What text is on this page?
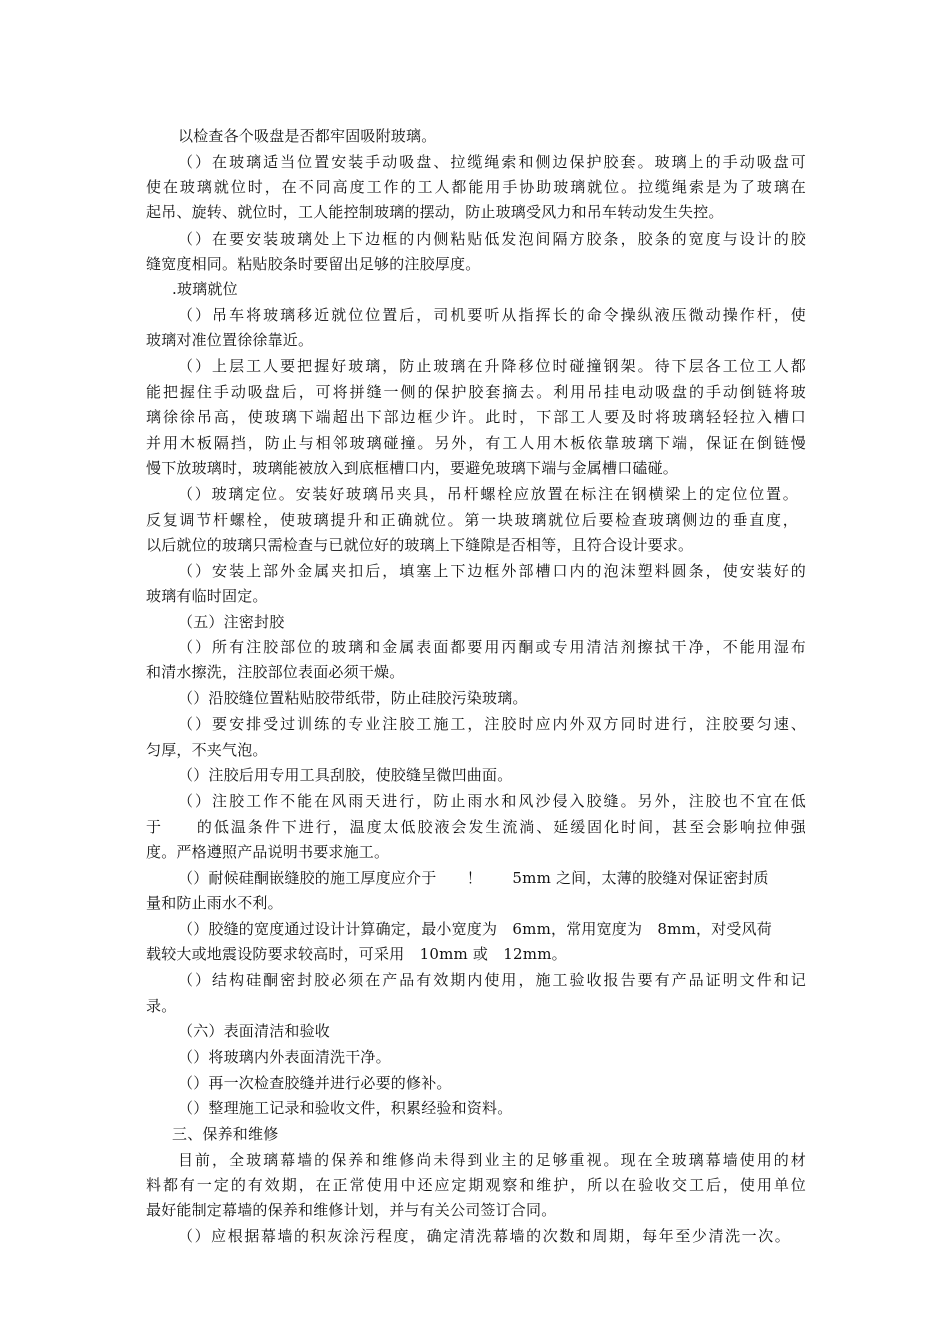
以检查各个吸盘是否都牢固吸附玻璃。
（）在玻璃适当位置安装手动吸盘、拉缆绳索和侧边保护胶套。玻璃上的手动吸盘可
使在玻璃就位时，在不同高度工作的工人都能用手协助玻璃就位。拉缆绳索是为了玻璃在
起吊、旋转、就位时，工人能控制玻璃的摆动，防止玻璃受风力和吊车转动发生失控。
（）在要安装玻璃处上下边框的内侧粘贴低发泡间隔方胶条，胶条的宽度与设计的胶
缝宽度相同。粘贴胶条时要留出足够的注胶厚度。
.玻璃就位
（）吊车将玻璃移近就位位置后，司机要听从指挥长的命令操纵液压微动操作杆，使
玻璃对准位置徐徐靠近。
（）上层工人要把握好玻璃，防止玻璃在升降移位时碰撞钢架。待下层各工位工人都
能把握住手动吸盘后，可将拼缝一侧的保护胶套摘去。利用吊挂电动吸盘的手动倒链将玻
璃徐徐吊高，使玻璃下端超出下部边框少许。此时，下部工人要及时将玻璃轻轻拉入槽口
并用木板隔挡，防止与相邻玻璃碰撞。另外，有工人用木板依靠玻璃下端，保证在倒链慢
慢下放玻璃时，玻璃能被放入到底框槽口内，要避免玻璃下端与金属槽口磕碰。
（）玻璃定位。安装好玻璃吊夹具，吊杆螺栓应放置在标注在钢横梁上的定位位置。
反复调节杆螺栓，使玻璃提升和正确就位。第一块玻璃就位后要检查玻璃侧边的垂直度，
以后就位的玻璃只需检查与已就位好的玻璃上下缝隙是否相等，且符合设计要求。
（）安装上部外金属夹扣后，填塞上下边框外部槽口内的泡沫塑料圆条，使安装好的
玻璃有临时固定。
（五）注密封胶
（）所有注胶部位的玻璃和金属表面都要用丙酮或专用清洁剂擦拭干净，不能用湿布
和清水擦洗，注胶部位表面必须干燥。
（）沿胶缝位置粘贴胶带纸带，防止硅胶污染玻璃。
（）要安排受过训练的专业注胶工施工，注胶时应内外双方同时进行，注胶要匀速、
匀厚，不夹气泡。
（）注胶后用专用工具刮胶，使胶缝呈微凹曲面。
（）注胶工作不能在风雨天进行，防止雨水和风沙侵入胶缝。另外，注胶也不宜在低
于　　的低温条件下进行，温度太低胶液会发生流淌、延缓固化时间，甚至会影响拉伸强
度。严格遵照产品说明书要求施工。
（）耐候硅酮嵌缝胶的施工厚度应介于　　！　　5mm 之间，太薄的胶缝对保证密封质
量和防止雨水不利。
（）胶缝的宽度通过设计计算确定，最小宽度为　6mm，常用宽度为　8mm，对受风荷
载较大或地震设防要求较高时，可采用　10mm 或　12mm。
（）结构硅酮密封胶必须在产品有效期内使用，施工验收报告要有产品证明文件和记
录。
（六）表面清洁和验收
（）将玻璃内外表面清洗干净。
（）再一次检查胶缝并进行必要的修补。
（）整理施工记录和验收文件，积累经验和资料。
三、保养和维修
目前，全玻璃幕墙的保养和维修尚未得到业主的足够重视。现在全玻璃幕墙使用的材
料都有一定的有效期，在正常使用中还应定期观察和维护，所以在验收交工后，使用单位
最好能制定幕墙的保养和维修计划，并与有关公司签订合同。
（）应根据幕墙的积灰涂污程度，确定清洗幕墙的次数和周期，每年至少清洗一次。
